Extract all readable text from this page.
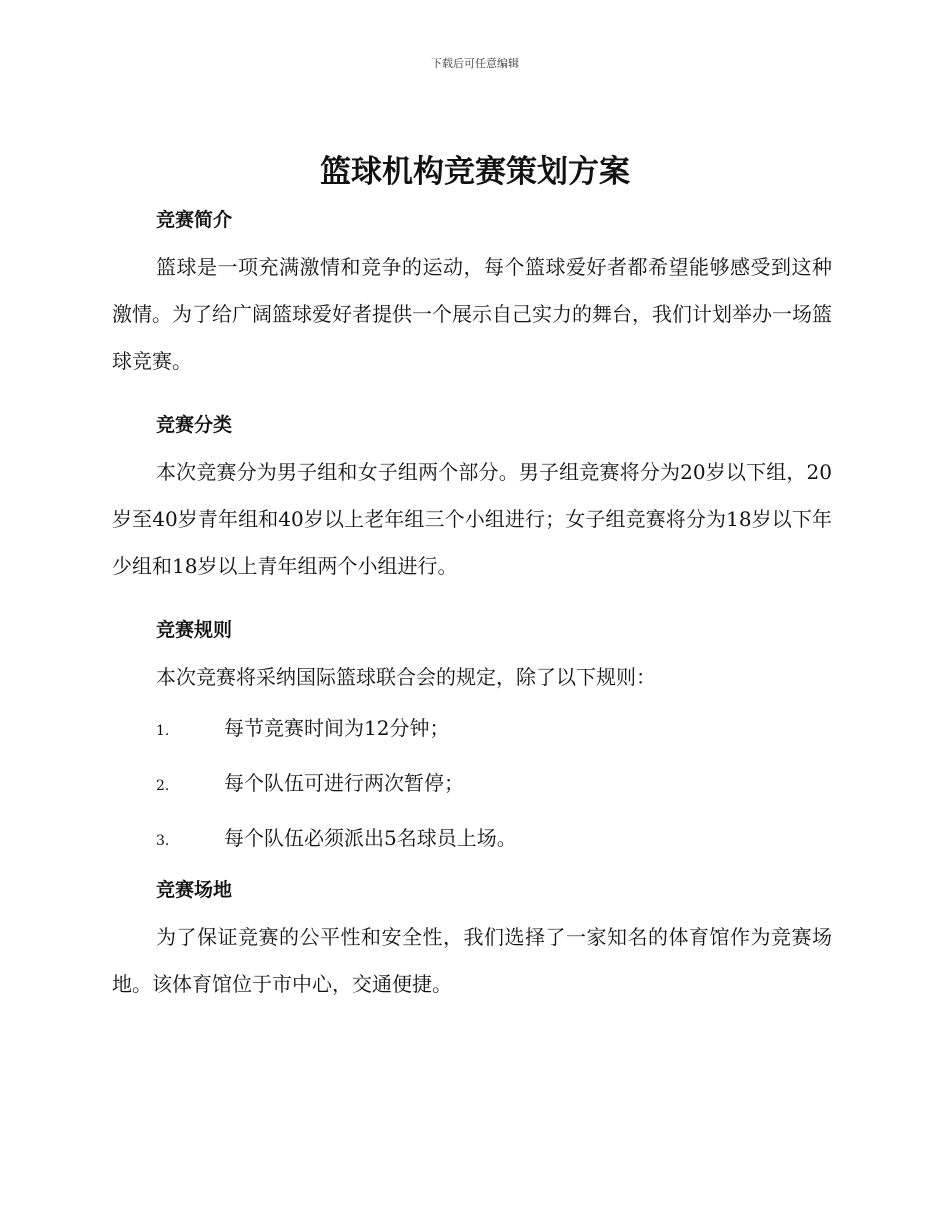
下载后可任意编辑
篮球机构竞赛策划方案
竞赛简介

篮球是一项充满激情和竞争的运动，每个篮球爱好者都希望能够感受到这种激情。为了给广阔篮球爱好者提供一个展示自己实力的舞台，我们计划举办一场篮球竞赛。

竞赛分类

本次竞赛分为男子组和女子组两个部分。男子组竞赛将分为20岁以下组，20岁至40岁青年组和40岁以上老年组三个小组进行；女子组竞赛将分为18岁以下年少组和18岁以上青年组两个小组进行。

竞赛规则

本次竞赛将采纳国际篮球联合会的规定，除了以下规则：

1.	每节竞赛时间为12分钟；
2.	每个队伍可进行两次暂停；
3.	每个队伍必须派出5名球员上场。
竞赛场地

为了保证竞赛的公平性和安全性，我们选择了一家知名的体育馆作为竞赛场地。该体育馆位于市中心，交通便捷。
